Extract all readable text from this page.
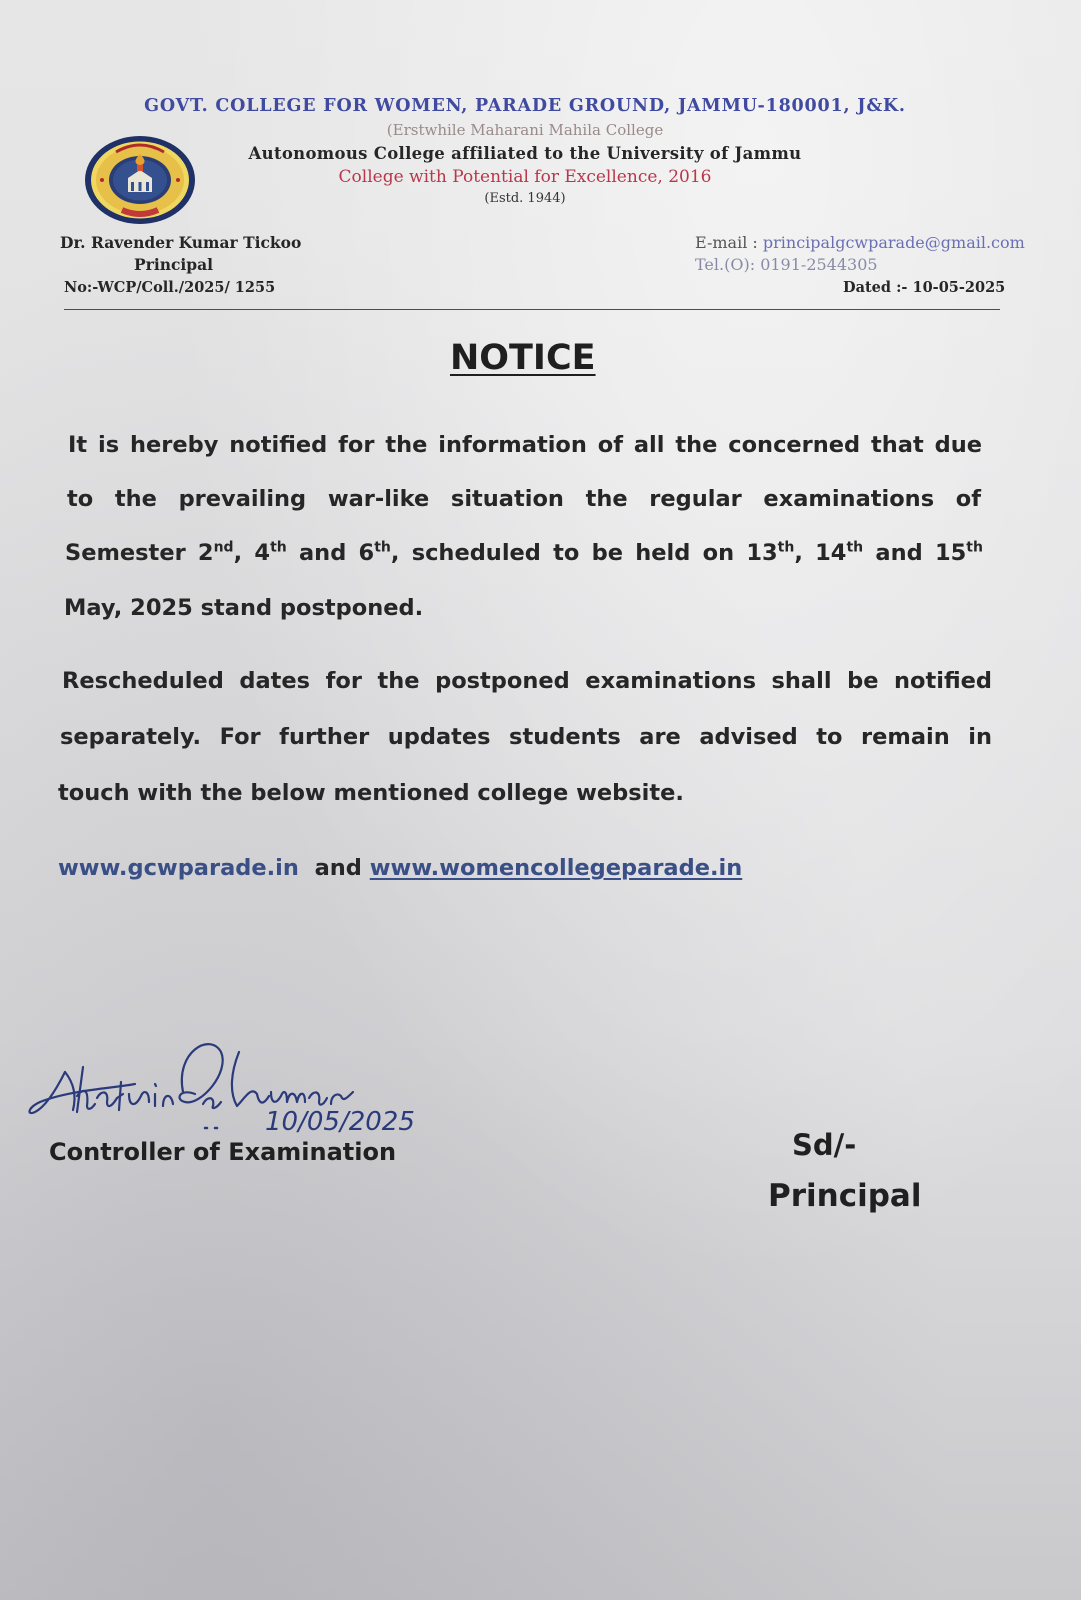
GOVT. COLLEGE FOR WOMEN, PARADE GROUND, JAMMU-180001, J&K.
(Erstwhile Maharani Mahila College
Autonomous College affiliated to the University of Jammu
College with Potential for Excellence, 2016
(Estd. 1944)
Dr. Ravender Kumar Tickoo
Principal
No:-WCP/Coll./2025/ 1255
E-mail : principalgcwparade@gmail.com
Tel.(O): 0191-2544305
Dated :- 10-05-2025
NOTICE
It is hereby notified for the information of all the concerned that due
to the prevailing war-like situation the regular examinations of
Semester 2nd, 4th and 6th, scheduled to be held on 13th, 14th and 15th
May, 2025 stand postponed.
Rescheduled dates for the postponed examinations shall be notified
separately. For further updates students are advised to remain in
touch with the below mentioned college website.
www.gcwparade.in and www.womencollegeparade.in
10/05/2025
Controller of Examination	Sd/-
Principal
